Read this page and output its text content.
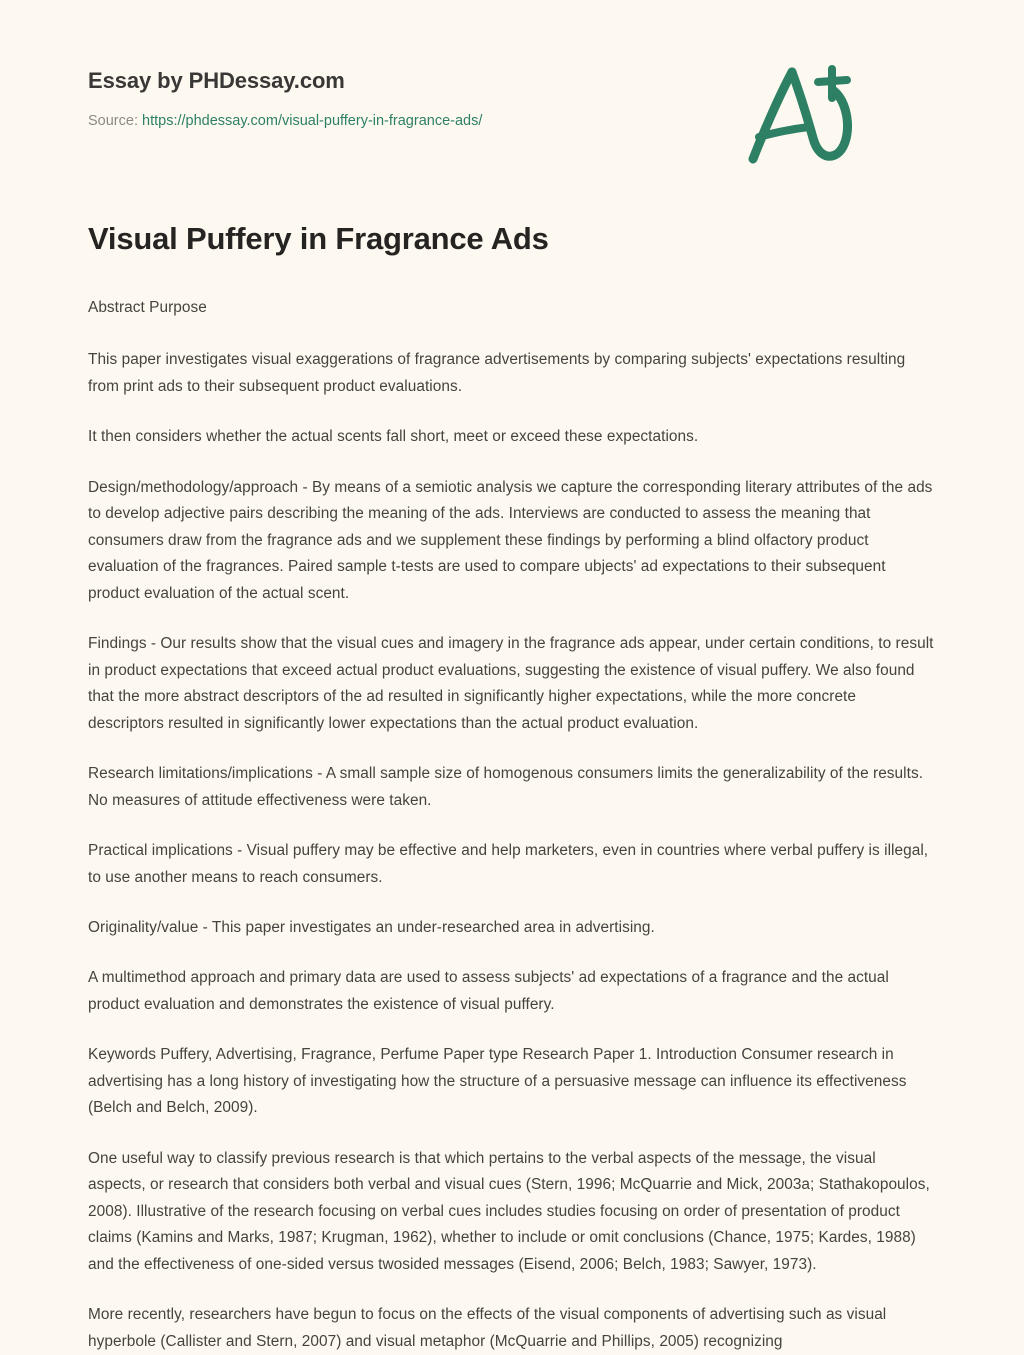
Essay by PHDessay.com
Source: https://phdessay.com/visual-puffery-in-fragrance-ads/
Visual Puffery in Fragrance Ads

Abstract Purpose

This paper investigates visual exaggerations of fragrance advertisements by comparing subjects' expectations resulting from print ads to their subsequent product evaluations.

It then considers whether the actual scents fall short, meet or exceed these expectations.

Design/methodology/approach - By means of a semiotic analysis we capture the corresponding literary attributes of the ads to develop adjective pairs describing the meaning of the ads. Interviews are conducted to assess the meaning that consumers draw from the fragrance ads and we supplement these findings by performing a blind olfactory product evaluation of the fragrances. Paired sample t-tests are used to compare ubjects' ad expectations to their subsequent product evaluation of the actual scent.

Findings - Our results show that the visual cues and imagery in the fragrance ads appear, under certain conditions, to result in product expectations that exceed actual product evaluations, suggesting the existence of visual puffery. We also found that the more abstract descriptors of the ad resulted in significantly higher expectations, while the more concrete descriptors resulted in significantly lower expectations than the actual product evaluation.

Research limitations/implications - A small sample size of homogenous consumers limits the generalizability of the results. No measures of attitude effectiveness were taken.

Practical implications - Visual puffery may be effective and help marketers, even in countries where verbal puffery is illegal, to use another means to reach consumers.

Originality/value - This paper investigates an under-researched area in advertising.

A multimethod approach and primary data are used to assess subjects' ad expectations of a fragrance and the actual product evaluation and demonstrates the existence of visual puffery.

Keywords Puffery, Advertising, Fragrance, Perfume Paper type Research Paper 1. Introduction Consumer research in advertising has a long history of investigating how the structure of a persuasive message can influence its effectiveness (Belch and Belch, 2009).

One useful way to classify previous research is that which pertains to the verbal aspects of the message, the visual aspects, or research that considers both verbal and visual cues (Stern, 1996; McQuarrie and Mick, 2003a; Stathakopoulos, 2008). Illustrative of the research focusing on verbal cues includes studies focusing on order of presentation of product claims (Kamins and Marks, 1987; Krugman, 1962), whether to include or omit conclusions (Chance, 1975; Kardes, 1988) and the effectiveness of one-sided versus twosided messages (Eisend, 2006; Belch, 1983; Sawyer, 1973).

More recently, researchers have begun to focus on the effects of the visual components of advertising such as visual hyperbole (Callister and Stern, 2007) and visual metaphor (McQuarrie and Phillips, 2005) recognizing
